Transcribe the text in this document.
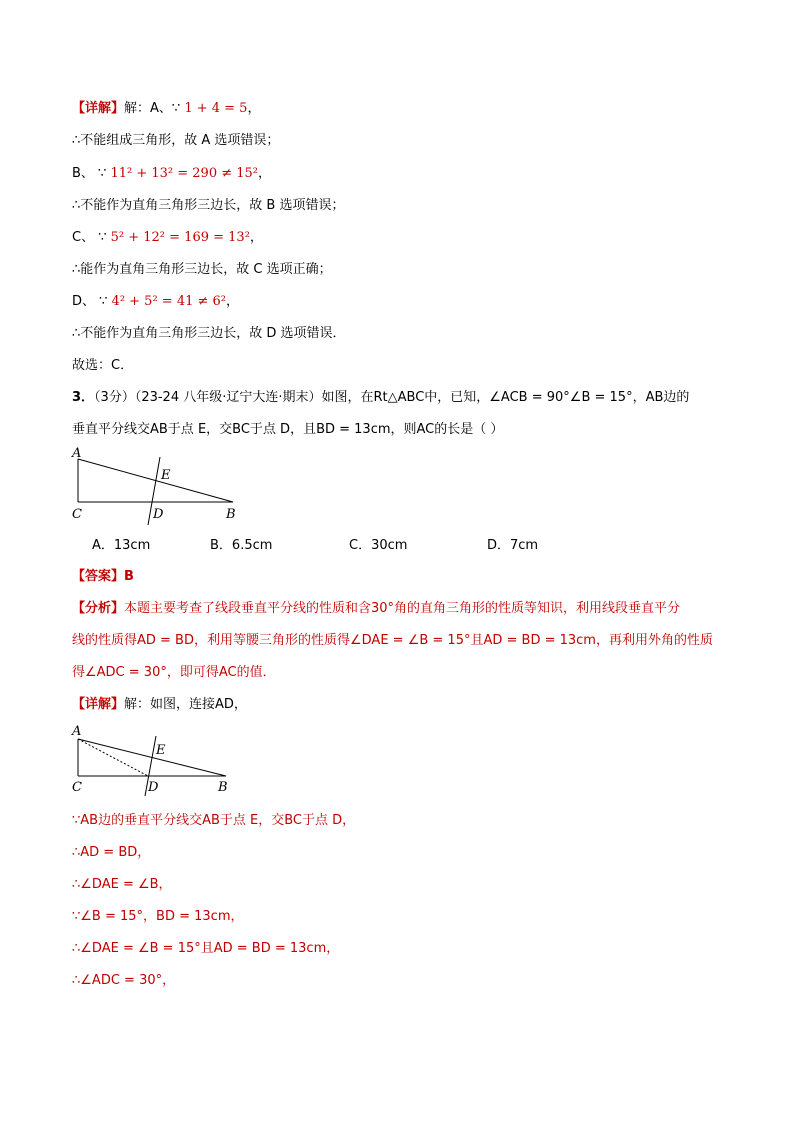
【详解】解：A、∵ 1 + 4 = 5，
∴不能组成三角形，故 A 选项错误；
B、 ∵ 11² + 13² = 290 ≠ 15²，
∴不能作为直角三角形三边长，故 B 选项错误；
C、 ∵ 5² + 12² = 169 = 13²，
∴能作为直角三角形三边长，故 C 选项正确；
D、 ∵ 4² + 5² = 41 ≠ 6²，
∴不能作为直角三角形三边长，故 D 选项错误．
故选：C．
3．（3分）（23-24 八年级·辽宁大连·期末）如图，在Rt△ABC中，已知，∠ACB = 90°∠B = 15°，AB边的
垂直平分线交AB于点 E，交BC于点 D，且BD = 13cm，则AC的长是（ ）
A
E
C	D	B
A．13cm	B．6.5cm	C．30cm	D．7cm
【答案】B
【分析】本题主要考查了线段垂直平分线的性质和含30°角的直角三角形的性质等知识，利用线段垂直平分
线的性质得AD = BD，利用等腰三角形的性质得∠DAE = ∠B = 15°且AD = BD = 13cm，再利用外角的性质
得∠ADC = 30°，即可得AC的值．
【详解】解：如图，连接AD，
A
E
C	D	B
∵AB边的垂直平分线交AB于点 E，交BC于点 D，
∴AD = BD，
∴∠DAE = ∠B，
∵∠B = 15°，BD = 13cm，
∴∠DAE = ∠B = 15°且AD = BD = 13cm，
∴∠ADC = 30°，
